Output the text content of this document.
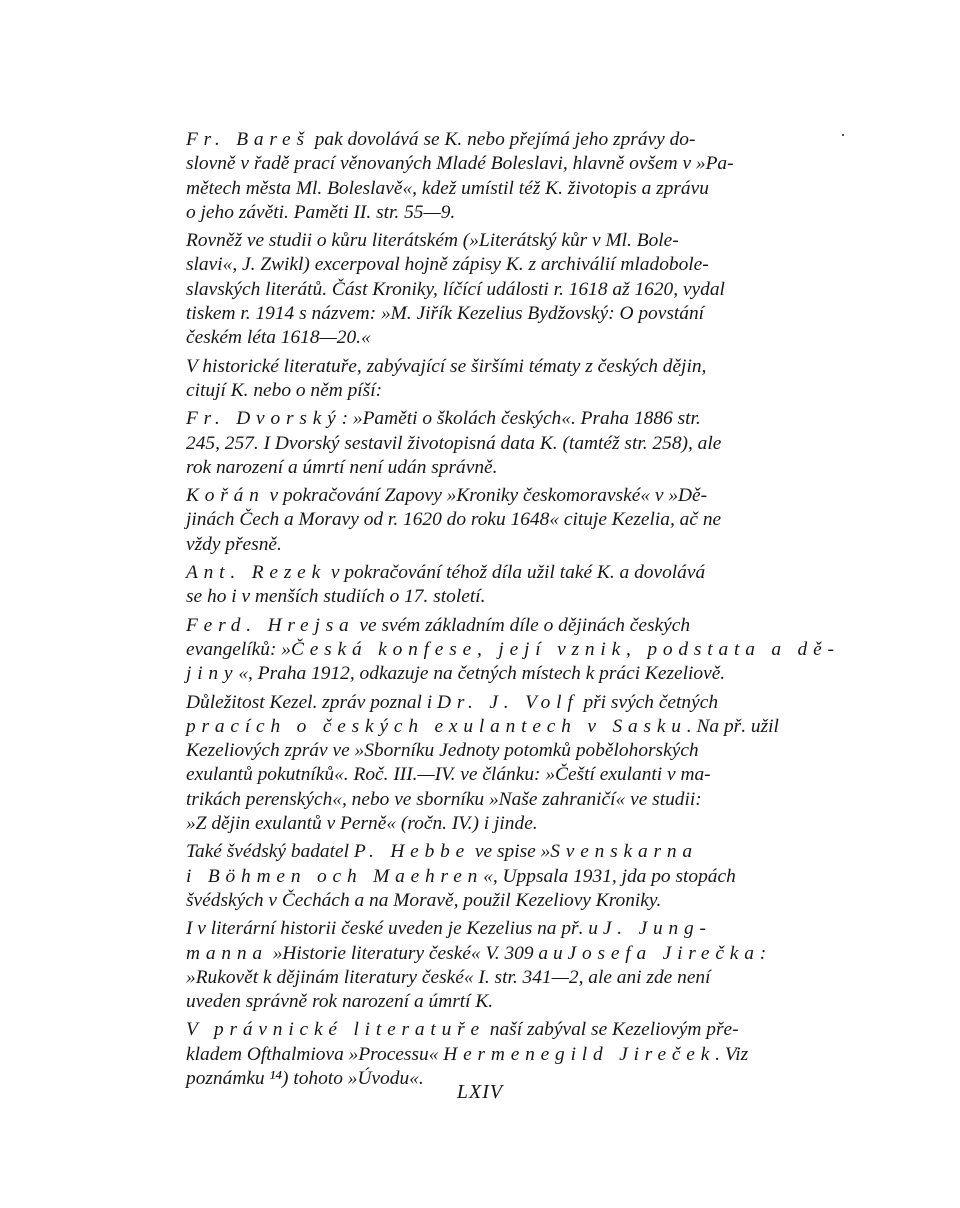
Fr. Bareš pak dovolává se K. nebo přejímá jeho zprávy do-
slovně v řadě prací věnovaných Mladé Boleslavi, hlavně ovšem v »Pa-
mětech města Ml. Boleslavě«, kdež umístil též K. životopis a zprávu
o jeho závěti. Paměti II. str. 55—9.
Rovněž ve studii o kůru literátském (»Literátský kůr v Ml. Bole-
slavi«, J. Zwikl) excerpoval hojně zápisy K. z archiválií mladobole-
slavských literátů. Část Kroniky, líčící události r. 1618 až 1620, vydal
tiskem r. 1914 s názvem: »M. Jiřík Kezelius Bydžovský: O povstání
českém léta 1618—20.«
V historické literatuře, zabývající se širšími tématy z českých dějin,
citují K. nebo o něm píší:
Fr. Dvorský: »Paměti o školách českých«. Praha 1886 str.
245, 257. I Dvorský sestavil životopisná data K. (tamtéž str. 258), ale
rok narození a úmrtí není udán správně.
Kořán v pokračování Zapovy »Kroniky českomoravské« v »Dě-
jinách Čech a Moravy od r. 1620 do roku 1648« cituje Kezelia, ač ne
vždy přesně.
Ant. Rezek v pokračování téhož díla užil také K. a dovolává
se ho i v menších studiích o 17. století.
Ferd. Hrejsa ve svém základním díle o dějinách českých
evangelíků: »Česká konfese, její vznik, podstata a dě-
jiny«, Praha 1912, odkazuje na četných místech k práci Kezeliově.
Důležitost Kezel. zpráv poznal i Dr. J. Volf při svých četných
pracích o českých exulantech v Sasku. Na př. užil
Kezeliových zpráv ve »Sborníku Jednoty potomků pobělohorských
exulantů pokutníků«. Roč. III.—IV. ve článku: »Čeští exulanti v ma-
trikách perenských«, nebo ve sborníku »Naše zahraničí« ve studii:
»Z dějin exulantů v Perně« (ročn. IV.) i jinde.
Také švédský badatel P. Hebbe ve spise »Svenskarna
i Böhmen och Maehren«, Uppsala 1931, jda po stopách
švédských v Čechách a na Moravě, použil Kezeliovy Kroniky.
I v literární historii české uveden je Kezelius na př. u J. Jung-
manna »Historie literatury české« V. 309 a u Josefa Jirečka:
»Rukovět k dějinám literatury české« I. str. 341—2, ale ani zde není
uveden správně rok narození a úmrtí K.
V právnické literatuře naší zabýval se Kezeliovým pře-
kladem Ofthalmiova »Processu« Hermenegild Jireček. Viz
poznámku ¹⁴) tohoto »Úvodu«.
LXIV
